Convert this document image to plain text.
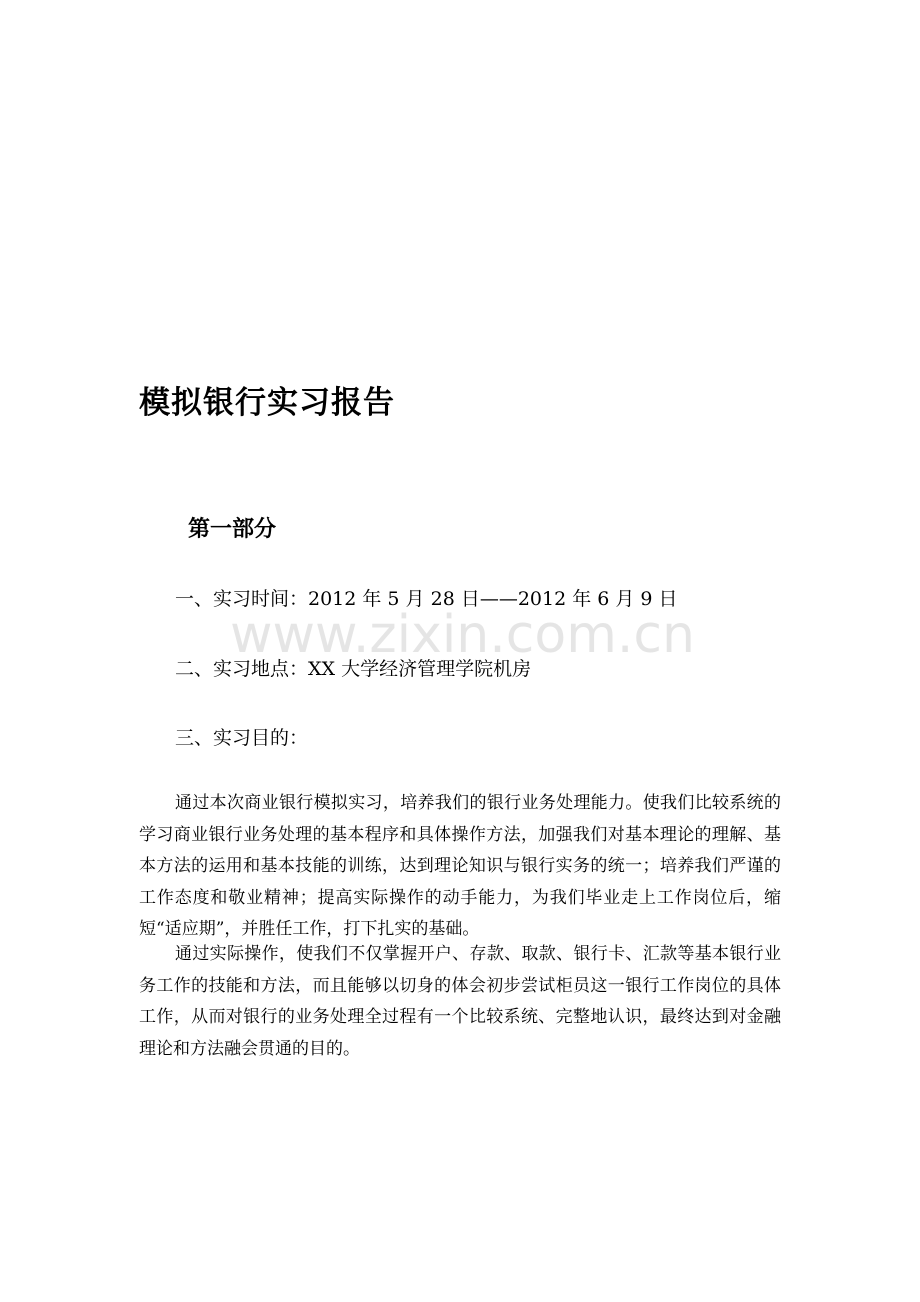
模拟银行实习报告
第一部分
一、实习时间：2012 年 5 月 28 日——2012 年 6 月 9 日
www.zixin.com.cn
二、实习地点：XX 大学经济管理学院机房
三、实习目的：

通过本次商业银行模拟实习，培养我们的银行业务处理能力。使我们比较系统的学习商业银行业务处理的基本程序和具体操作方法，加强我们对基本理论的理解、基本方法的运用和基本技能的训练，达到理论知识与银行实务的统一；培养我们严谨的工作态度和敬业精神；提高实际操作的动手能力，为我们毕业走上工作岗位后，缩短“适应期”，并胜任工作，打下扎实的基础。

通过实际操作，使我们不仅掌握开户、存款、取款、银行卡、汇款等基本银行业务工作的技能和方法，而且能够以切身的体会初步尝试柜员这一银行工作岗位的具体工作，从而对银行的业务处理全过程有一个比较系统、完整地认识，最终达到对金融理论和方法融会贯通的目的。
